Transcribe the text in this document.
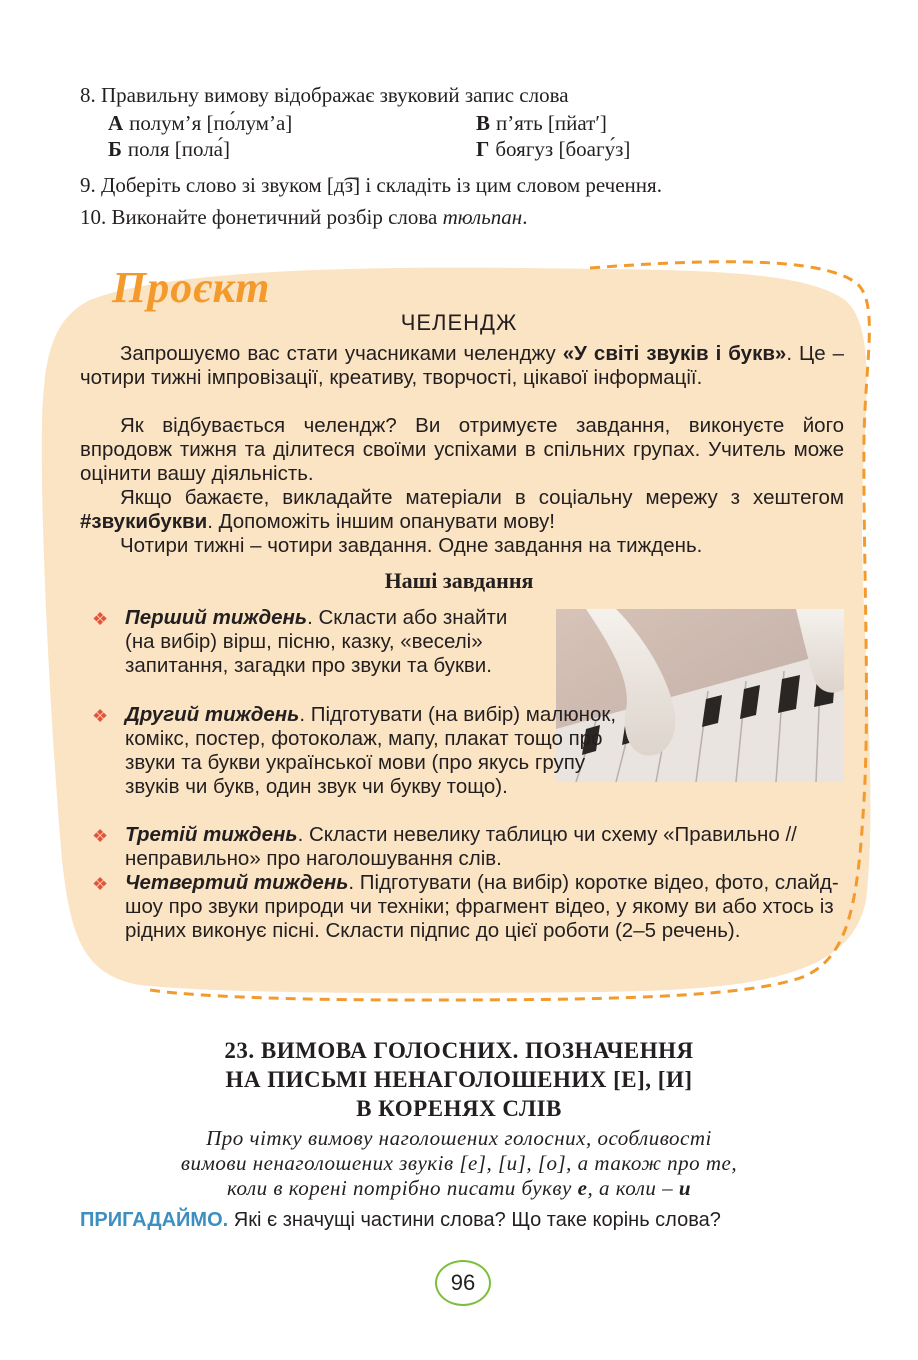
8. Правильну вимову відображає звуковий запис слова
А полум’я [по́лум’а]
Б поля [пола́]
В п’ять [пйат′]
Г боягуз [боагу́з]
9. Доберіть слово зі звуком [д͡з] і складіть із цим словом речення.
10. Виконайте фонетичний розбір слова тюльпан.
Проєкт
ЧЕЛЕНДЖ
Запрошуємо вас стати учасниками челенджу «У світі звуків і букв». Це – чотири тижні імпровізації, креативу, творчості, цікавої інформації.
Як відбувається челендж? Ви отримуєте завдання, виконуєте його впродовж тижня та ділитеся своїми успіхами в спільних групах. Учитель може оцінити вашу діяльність.
Якщо бажаєте, викладайте матеріали в соціальну мережу з хештегом #звукибукви. Допоможіть іншим опанувати мову!
Чотири тижні – чотири завдання. Одне завдання на тиждень.
Наші завдання
❖ Перший тиждень. Скласти або знайти (на вибір) вірш, пісню, казку, «веселі» запитання, загадки про звуки та букви.
❖ Другий тиждень. Підготувати (на вибір) малюнок, комікс, постер, фотоколаж, мапу, плакат тощо про звуки та букви української мови (про якусь групу звуків чи букв, один звук чи букву тощо).
❖ Третій тиждень. Скласти невелику таблицю чи схему «Правильно // неправильно» про наголошування слів.
❖ Четвертий тиждень. Підготувати (на вибір) коротке відео, фото, слайд-шоу про звуки природи чи техніки; фрагмент відео, у якому ви або хтось із рідних виконує пісні. Скласти підпис до цієї роботи (2–5 речень).
23. ВИМОВА ГОЛОСНИХ. ПОЗНАЧЕННЯ
НА ПИСЬМІ НЕНАГОЛОШЕНИХ [Е], [И]
В КОРЕНЯХ СЛІВ
Про чітку вимову наголошених голосних, особливості
вимови ненаголошених звуків [е], [и], [о], а також про те,
коли в корені потрібно писати букву е, а коли – и
ПРИГАДАЙМО. Які є значущі частини слова? Що таке корінь слова?
96
